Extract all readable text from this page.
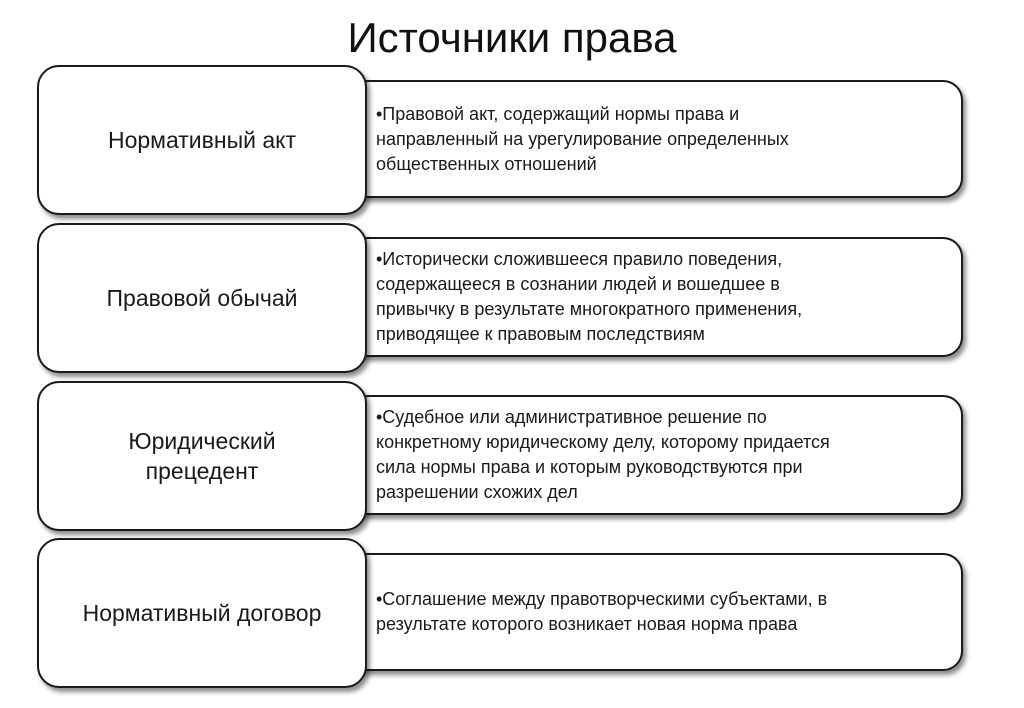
Источники права
Нормативный акт
•Правовой акт, содержащий нормы права и
направленный на урегулирование определенных
общественных отношений
Правовой обычай
•Исторически сложившееся правило поведения,
содержащееся в сознании людей и вошедшее в
привычку в результате многократного применения,
приводящее к правовым последствиям
Юридический
прецедент
•Судебное или административное решение по
конкретному юридическому делу, которому придается
сила нормы права и которым руководствуются при
разрешении схожих дел
Нормативный договор
•Соглашение между правотворческими субъектами, в
результате которого возникает новая норма права
